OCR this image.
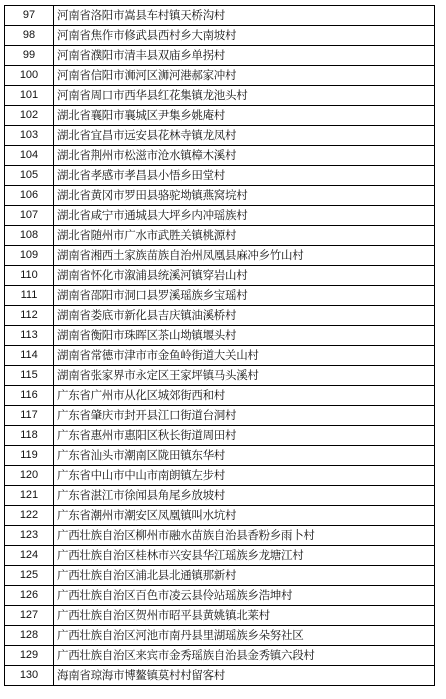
97	河南省洛阳市嵩县车村镇天桥沟村
98	河南省焦作市修武县西村乡大南坡村
99	河南省濮阳市清丰县双庙乡单拐村
100	河南省信阳市浉河区浉河港郝家冲村
101	河南省周口市西华县红花集镇龙池头村
102	湖北省襄阳市襄城区尹集乡姚庵村
103	湖北省宜昌市远安县花林寺镇龙凤村
104	湖北省荆州市松滋市沧水镇樟木溪村
105	湖北省孝感市孝昌县小悟乡田堂村
106	湖北省黄冈市罗田县骆驼坳镇燕窝垸村
107	湖北省咸宁市通城县大坪乡内冲瑶族村
108	湖北省随州市广水市武胜关镇桃源村
109	湖南省湘西土家族苗族自治州凤凰县麻冲乡竹山村
110	湖南省怀化市溆浦县统溪河镇穿岩山村
111	湖南省邵阳市洞口县罗溪瑶族乡宝瑶村
112	湖南省娄底市新化县吉庆镇油溪桥村
113	湖南省衡阳市珠晖区茶山坳镇堰头村
114	湖南省常德市津市市金鱼岭街道大关山村
115	湖南省张家界市永定区王家坪镇马头溪村
116	广东省广州市从化区城郊街西和村
117	广东省肇庆市封开县江口街道台洞村
118	广东省惠州市惠阳区秋长街道周田村
119	广东省汕头市潮南区陇田镇东华村
120	广东省中山市中山市南朗镇左步村
121	广东省湛江市徐闻县角尾乡放坡村
122	广东省潮州市潮安区凤凰镇叫水坑村
123	广西壮族自治区柳州市融水苗族自治县香粉乡雨卜村
124	广西壮族自治区桂林市兴安县华江瑶族乡龙塘江村
125	广西壮族自治区浦北县北通镇那新村
126	广西壮族自治区百色市凌云县伶站瑶族乡浩坤村
127	广西壮族自治区贺州市昭平县黄姚镇北莱村
128	广西壮族自治区河池市南丹县里湖瑶族乡朵努社区
129	广西壮族自治区来宾市金秀瑶族自治县金秀镇六段村
130	海南省琼海市博鳌镇莫村村留客村
